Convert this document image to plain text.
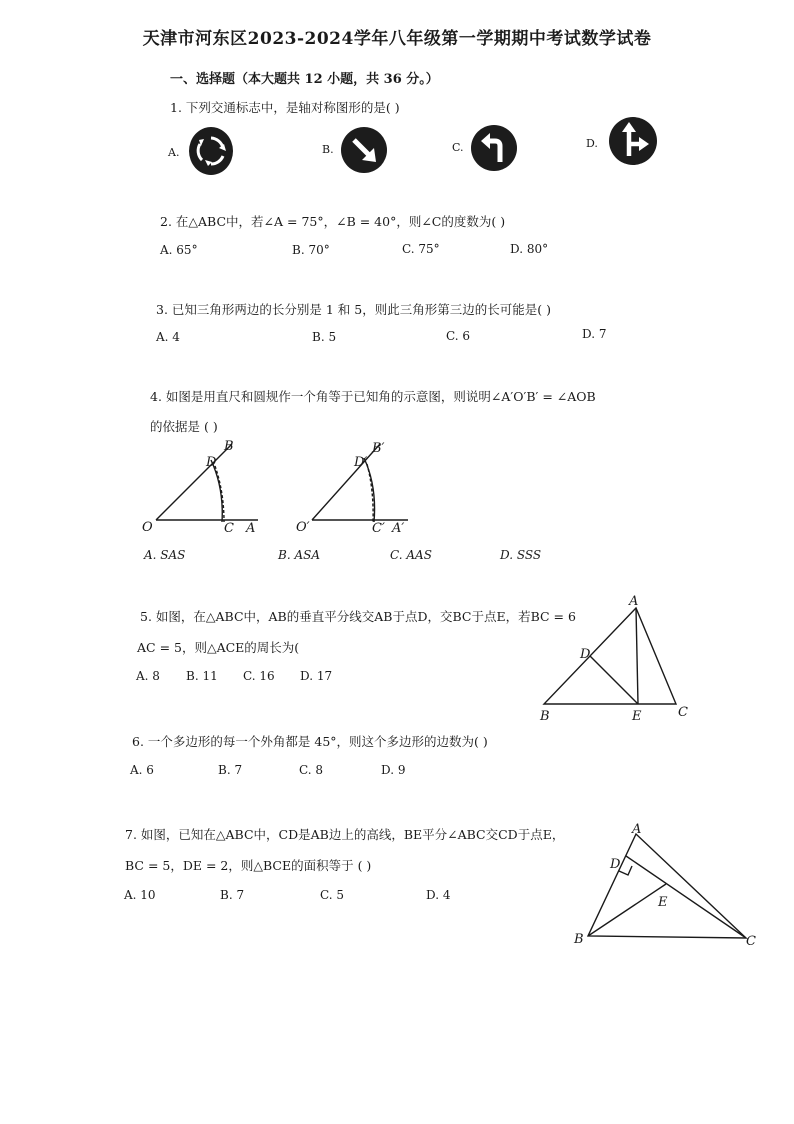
天津市河东区2023-2024学年八年级第一学期期中考试数学试卷
一、选择题（本大题共 12 小题，共 36 分。）
1. 下列交通标志中，是轴对称图形的是( )
A.	B.	C.	D.
2. 在△ABC中，若∠A = 75°，∠B = 40°，则∠C的度数为( )
A. 65°	B. 70°	C. 75°	D. 80°
3. 已知三角形两边的长分别是 1 和 5，则此三角形第三边的长可能是( )
A. 4	B. 5	C. 6	D. 7
4. 如图是用直尺和圆规作一个角等于已知角的示意图，则说明∠A′O′B′ = ∠AOB
的依据是 ( )
O	C A
D
B
O′	C′ A′
D′
B′
A. SAS	B. ASA	C. AAS	D. SSS
5. 如图，在△ABC中，AB的垂直平分线交AB于点D，交BC于点E，若BC = 6
AC = 5，则△ACE的周长为(
A. 8 B. 11 C. 16 D. 17
A
B	C
D
E
6. 一个多边形的每一个外角都是 45°，则这个多边形的边数为( )
A. 6	B. 7	C. 8	D. 9
7. 如图，已知在△ABC中，CD是AB边上的高线，BE平分∠ABC交CD于点E，
BC = 5，DE = 2，则△BCE的面积等于 ( )
A. 10	B. 7	C. 5	D. 4
A
B	C
D
E
